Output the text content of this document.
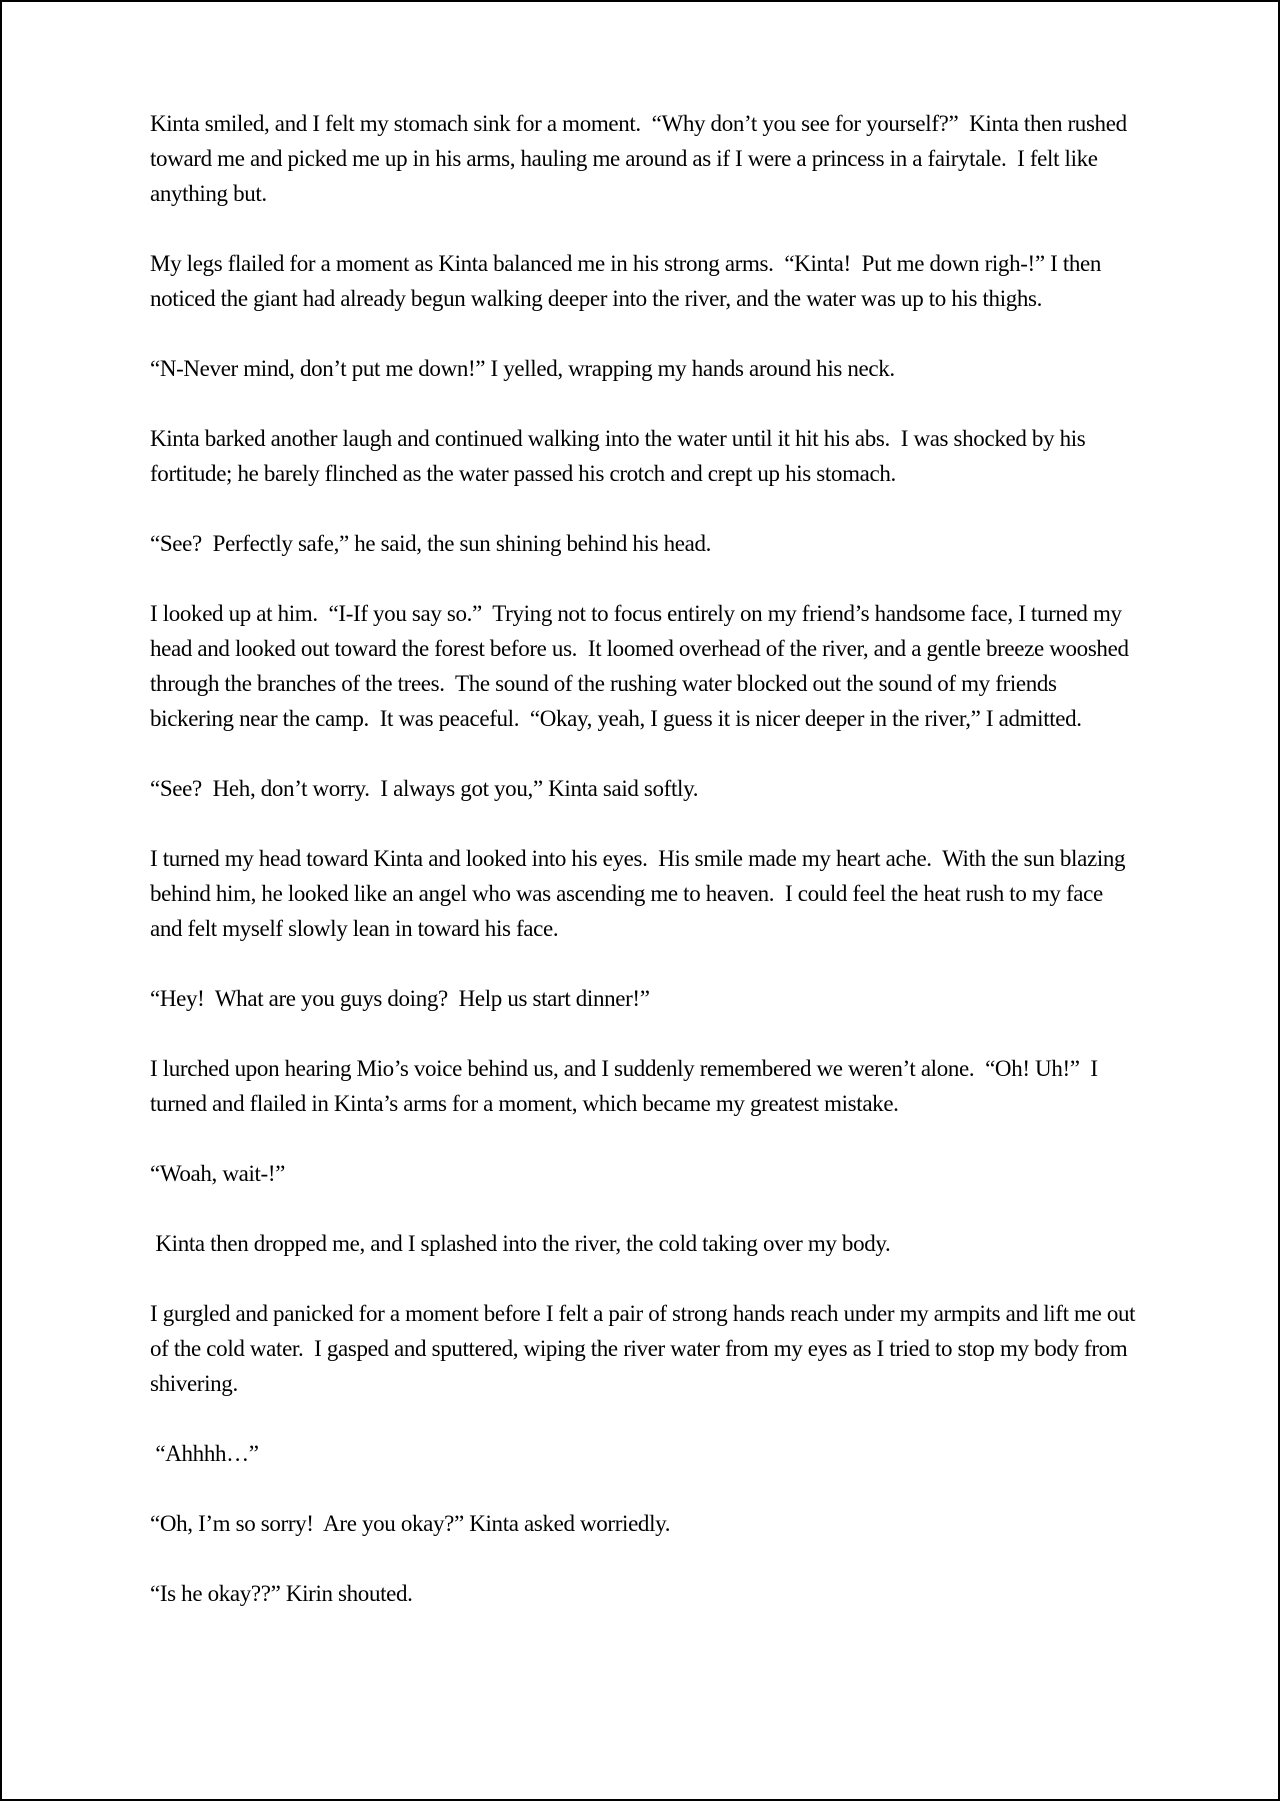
Kinta smiled, and I felt my stomach sink for a moment.  “Why don’t you see for yourself?”  Kinta then rushed toward me and picked me up in his arms, hauling me around as if I were a princess in a fairytale.  I felt like anything but.

My legs flailed for a moment as Kinta balanced me in his strong arms.  “Kinta!  Put me down righ-!” I then noticed the giant had already begun walking deeper into the river, and the water was up to his thighs.

“N-Never mind, don’t put me down!” I yelled, wrapping my hands around his neck.

Kinta barked another laugh and continued walking into the water until it hit his abs.  I was shocked by his fortitude; he barely flinched as the water passed his crotch and crept up his stomach.

“See?  Perfectly safe,” he said, the sun shining behind his head.

I looked up at him.  “I-If you say so.”  Trying not to focus entirely on my friend’s handsome face, I turned my head and looked out toward the forest before us.  It loomed overhead of the river, and a gentle breeze wooshed through the branches of the trees.  The sound of the rushing water blocked out the sound of my friends bickering near the camp.  It was peaceful.  “Okay, yeah, I guess it is nicer deeper in the river,” I admitted.

“See?  Heh, don’t worry.  I always got you,” Kinta said softly.

I turned my head toward Kinta and looked into his eyes.  His smile made my heart ache.  With the sun blazing behind him, he looked like an angel who was ascending me to heaven.  I could feel the heat rush to my face and felt myself slowly lean in toward his face.

“Hey!  What are you guys doing?  Help us start dinner!”

I lurched upon hearing Mio’s voice behind us, and I suddenly remembered we weren’t alone.  “Oh! Uh!”  I turned and flailed in Kinta’s arms for a moment, which became my greatest mistake.

“Woah, wait-!”

Kinta then dropped me, and I splashed into the river, the cold taking over my body.

I gurgled and panicked for a moment before I felt a pair of strong hands reach under my armpits and lift me out of the cold water.  I gasped and sputtered, wiping the river water from my eyes as I tried to stop my body from shivering.

“Ahhhh…”

“Oh, I’m so sorry!  Are you okay?” Kinta asked worriedly.

“Is he okay??” Kirin shouted.
